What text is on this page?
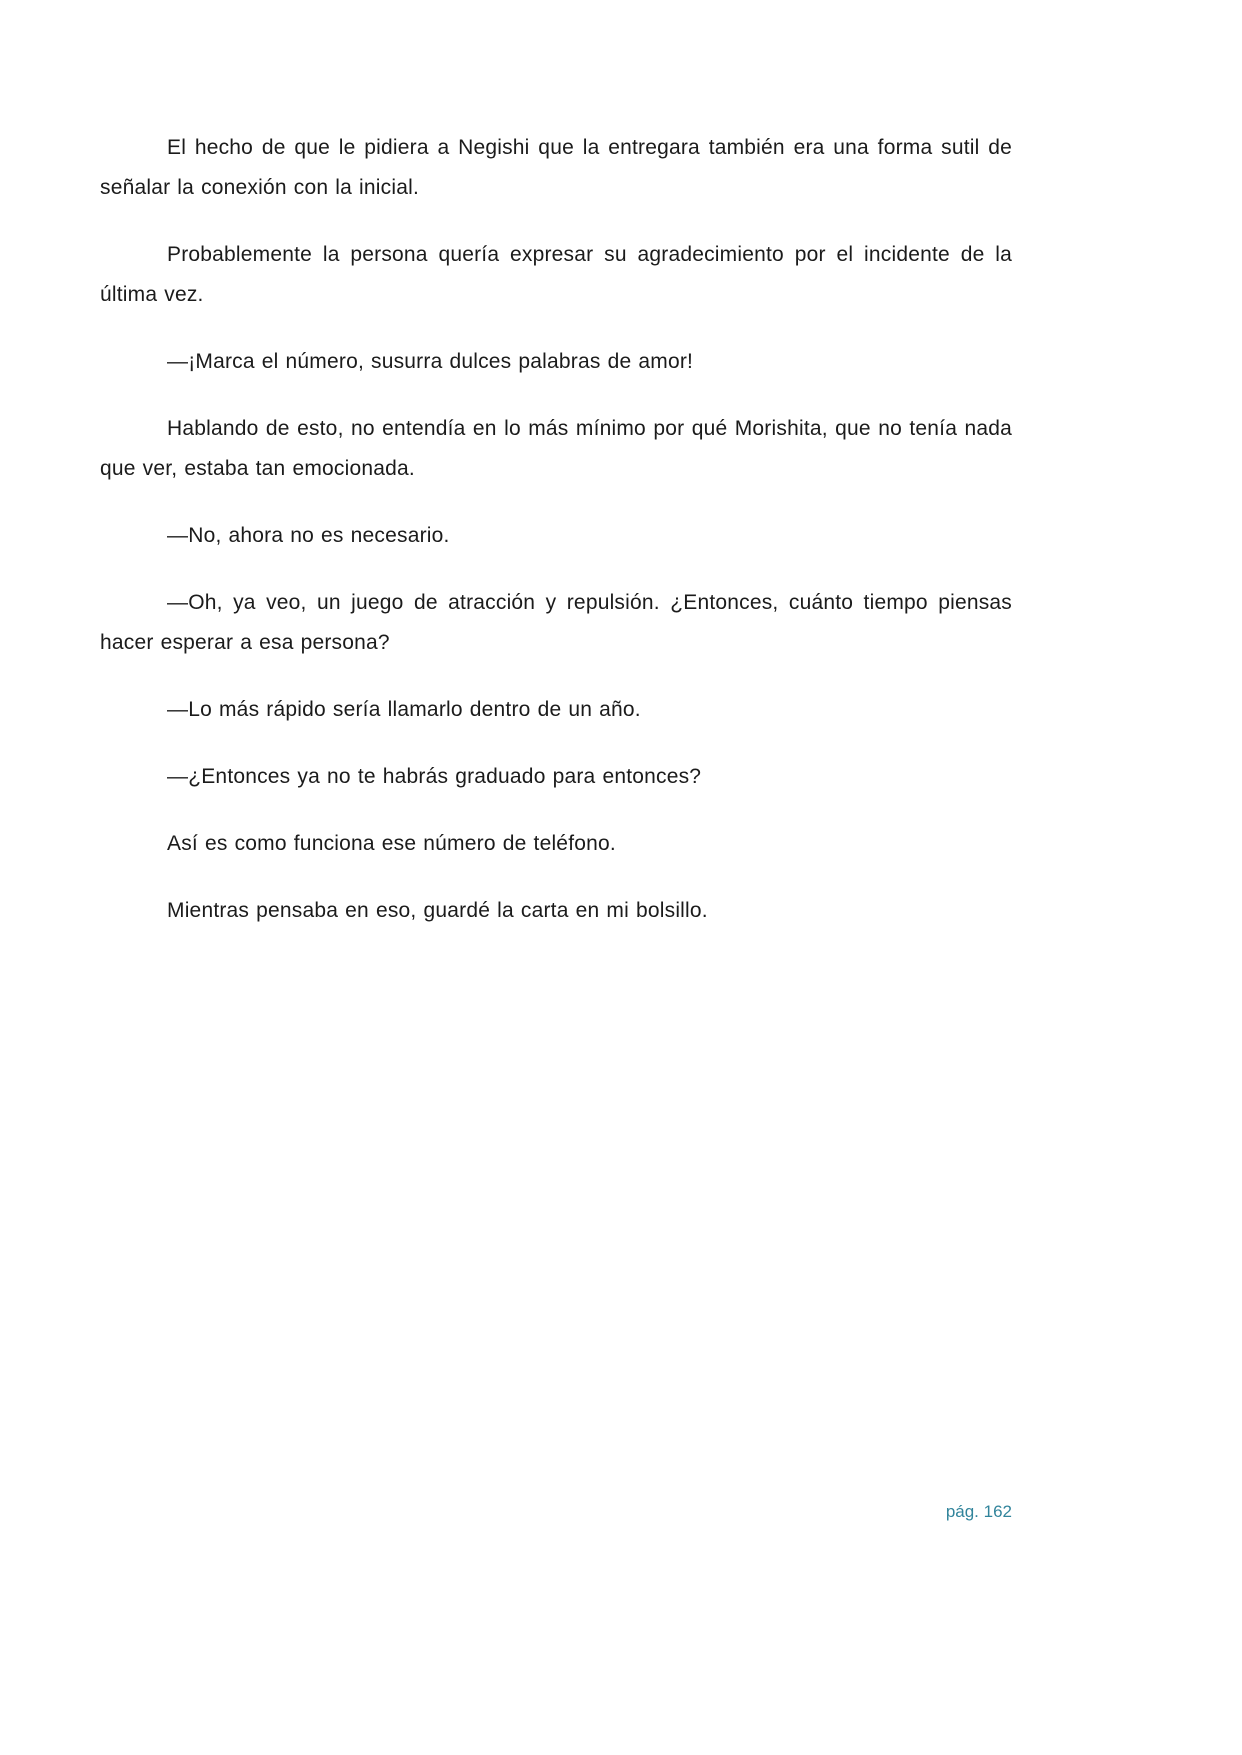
El hecho de que le pidiera a Negishi que la entregara también era una forma sutil de señalar la conexión con la inicial.

Probablemente la persona quería expresar su agradecimiento por el incidente de la última vez.

—¡Marca el número, susurra dulces palabras de amor!

Hablando de esto, no entendía en lo más mínimo por qué Morishita, que no tenía nada que ver, estaba tan emocionada.

—No, ahora no es necesario.

—Oh, ya veo, un juego de atracción y repulsión. ¿Entonces, cuánto tiempo piensas hacer esperar a esa persona?

—Lo más rápido sería llamarlo dentro de un año.

—¿Entonces ya no te habrás graduado para entonces?

Así es como funciona ese número de teléfono.

Mientras pensaba en eso, guardé la carta en mi bolsillo.

pág. 162
